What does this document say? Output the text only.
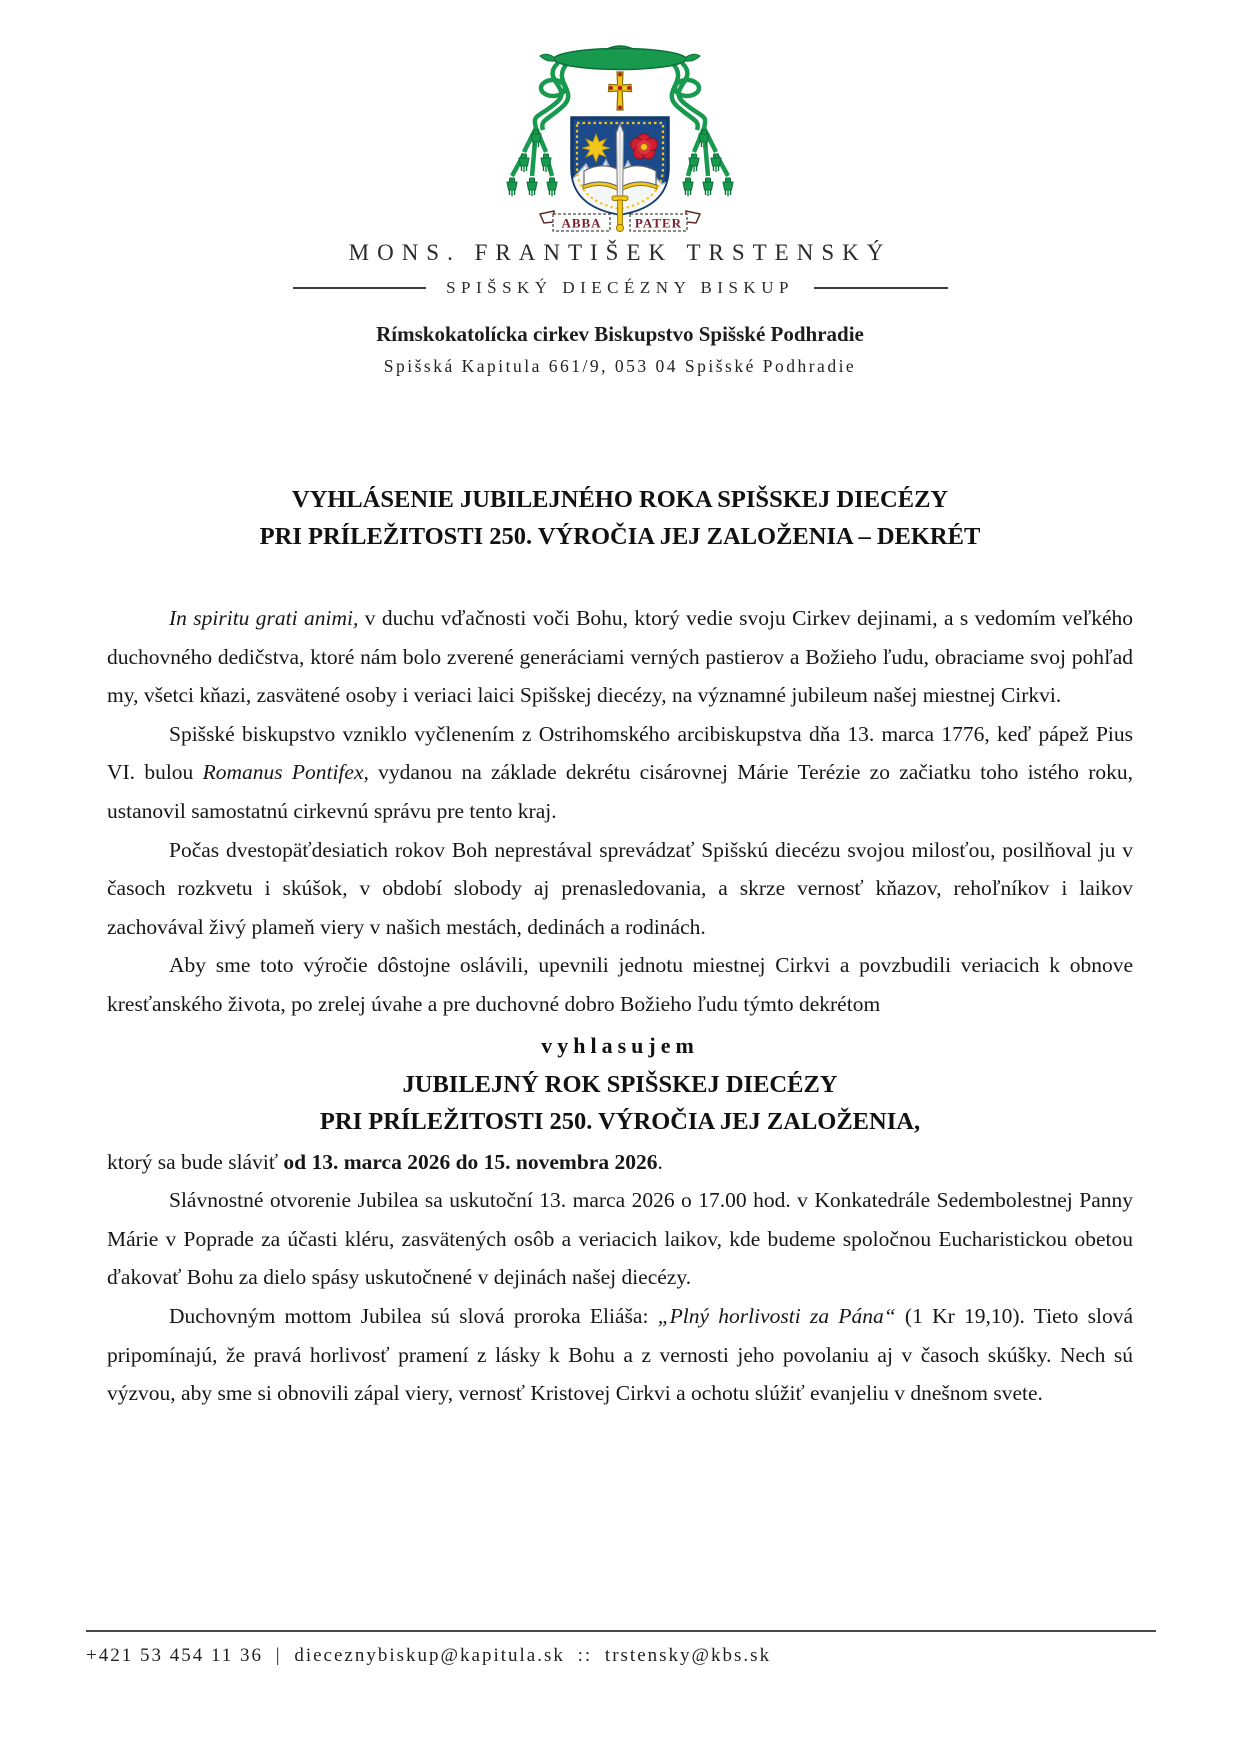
ABBA	PATER
MONS. FRANTIŠEK TRSTENSKÝ
SPIŠSKÝ DIECÉZNY BISKUP
Rímskokatolícka cirkev Biskupstvo Spišské Podhradie
Spišská Kapitula 661/9, 053 04 Spišské Podhradie
VYHLÁSENIE JUBILEJNÉHO ROKA SPIŠSKEJ DIECÉZY
PRI PRÍLEŽITOSTI 250. VÝROČIA JEJ ZALOŽENIA – DEKRÉT

In spiritu grati animi, v duchu vďačnosti voči Bohu, ktorý vedie svoju Cirkev dejinami, a s vedomím veľkého duchovného dedičstva, ktoré nám bolo zverené generáciami verných pastierov a Božieho ľudu, obraciame svoj pohľad my, všetci kňazi, zasvätené osoby i veriaci laici Spišskej diecézy, na významné jubileum našej miestnej Cirkvi.

Spišské biskupstvo vzniklo vyčlenením z Ostrihomského arcibiskupstva dňa 13. marca 1776, keď pápež Pius VI. bulou Romanus Pontifex, vydanou na základe dekrétu cisárovnej Márie Terézie zo začiatku toho istého roku, ustanovil samostatnú cirkevnú správu pre tento kraj.

Počas dvestopäťdesiatich rokov Boh neprestával sprevádzať Spišskú diecézu svojou milosťou, posilňoval ju v časoch rozkvetu i skúšok, v období slobody aj prenasledovania, a skrze vernosť kňazov, rehoľníkov i laikov zachovával živý plameň viery v našich mestách, dedinách a rodinách.

Aby sme toto výročie dôstojne oslávili, upevnili jednotu miestnej Cirkvi a povzbudili veriacich k obnove kresťanského života, po zrelej úvahe a pre duchovné dobro Božieho ľudu týmto dekrétom

vyhlasujem
JUBILEJNÝ ROK SPIŠSKEJ DIECÉZY
PRI PRÍLEŽITOSTI 250. VÝROČIA JEJ ZALOŽENIA,

ktorý sa bude sláviť od 13. marca 2026 do 15. novembra 2026.

Slávnostné otvorenie Jubilea sa uskutoční 13. marca 2026 o 17.00 hod. v Konkatedrále Sedembolestnej Panny Márie v Poprade za účasti kléru, zasvätených osôb a veriacich laikov, kde budeme spoločnou Eucharistickou obetou ďakovať Bohu za dielo spásy uskutočnené v dejinách našej diecézy.

Duchovným mottom Jubilea sú slová proroka Eliáša: „Plný horlivosti za Pána“ (1 Kr 19,10). Tieto slová pripomínajú, že pravá horlivosť pramení z lásky k Bohu a z vernosti jeho povolaniu aj v časoch skúšky. Nech sú výzvou, aby sme si obnovili zápal viery, vernosť Kristovej Cirkvi a ochotu slúžiť evanjeliu v dnešnom svete.

+421 53 454 11 36 | dieceznybiskup@kapitula.sk :: trstensky@kbs.sk
